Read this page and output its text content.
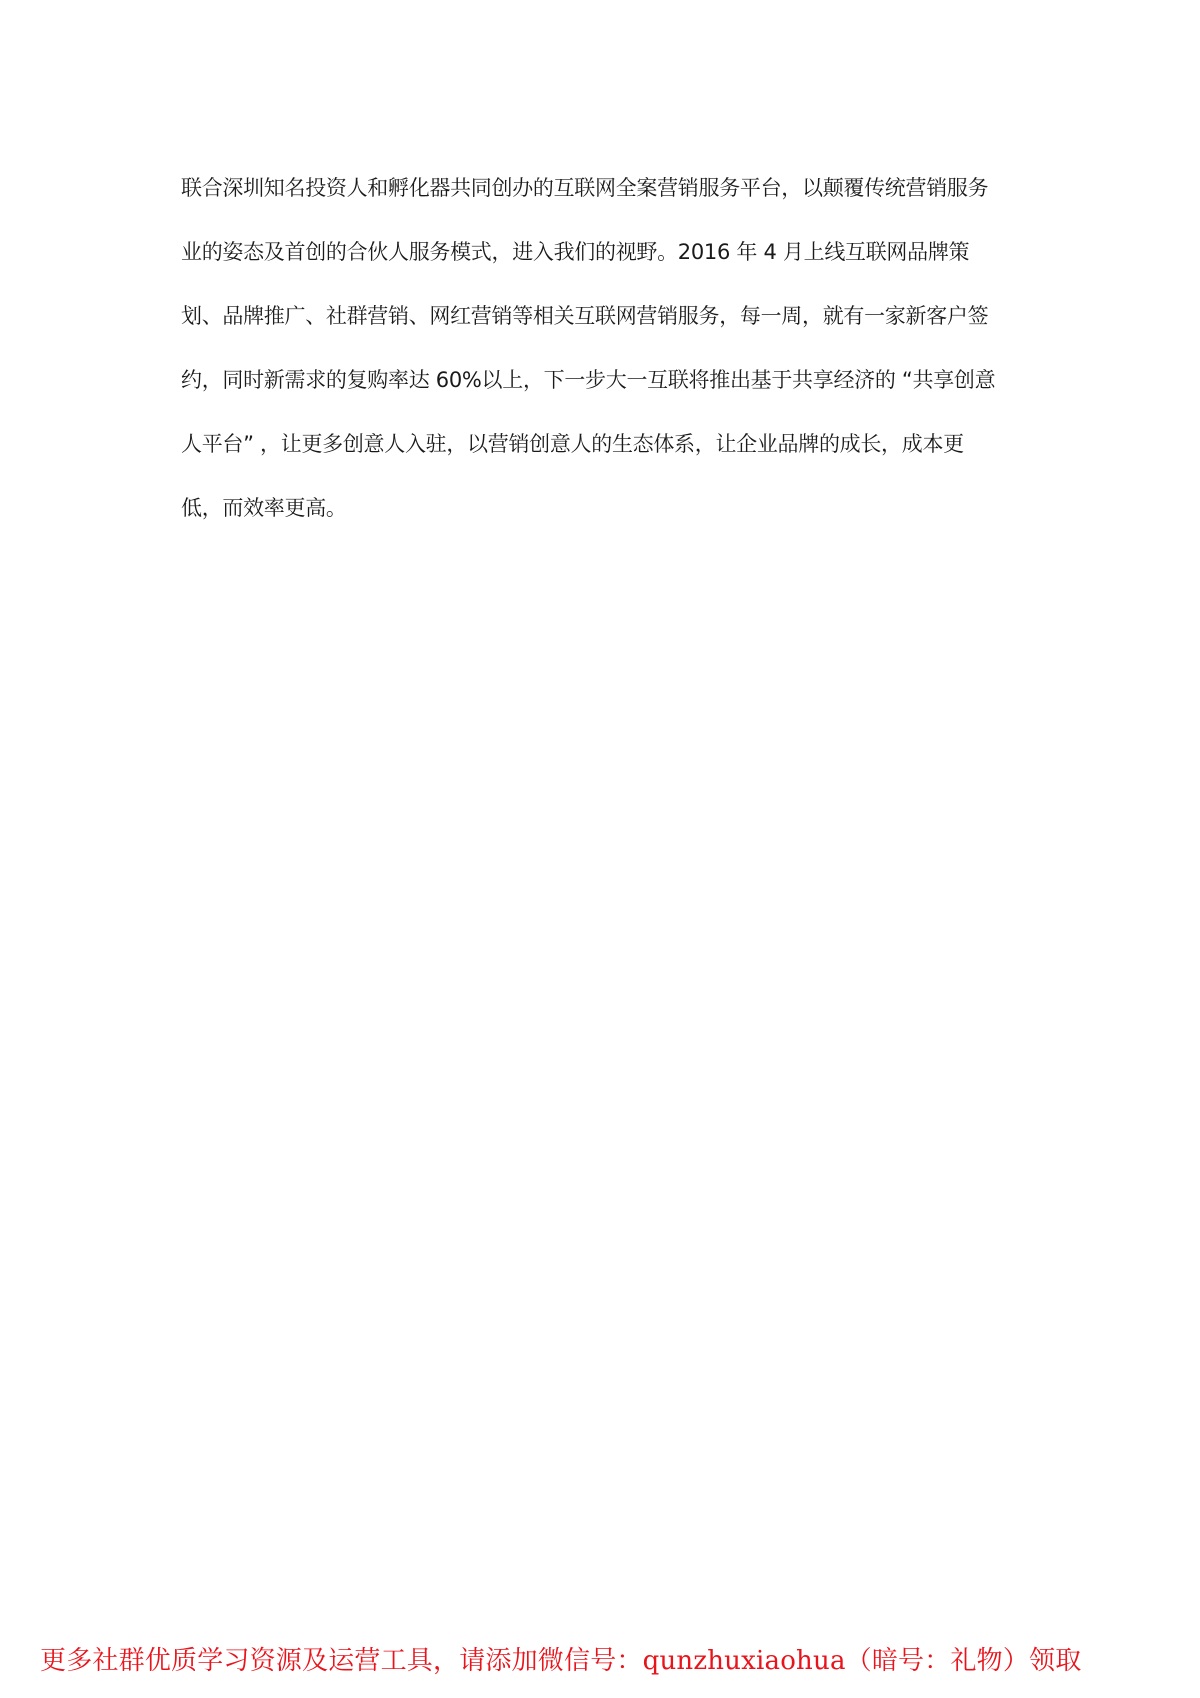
联合深圳知名投资人和孵化器共同创办的互联网全案营销服务平台，以颠覆传统营销服务
业的姿态及首创的合伙人服务模式，进入我们的视野。2016 年 4 月上线互联网品牌策
划、品牌推广、社群营销、网红营销等相关互联网营销服务，每一周，就有一家新客户签
约，同时新需求的复购率达 60%以上，下一步大一互联将推出基于共享经济的 “共享创意
人平台” ，让更多创意人入驻，以营销创意人的生态体系，让企业品牌的成长，成本更
低，而效率更高。
更多社群优质学习资源及运营工具，请添加微信号：qunzhuxiaohua（暗号：礼物）领取
